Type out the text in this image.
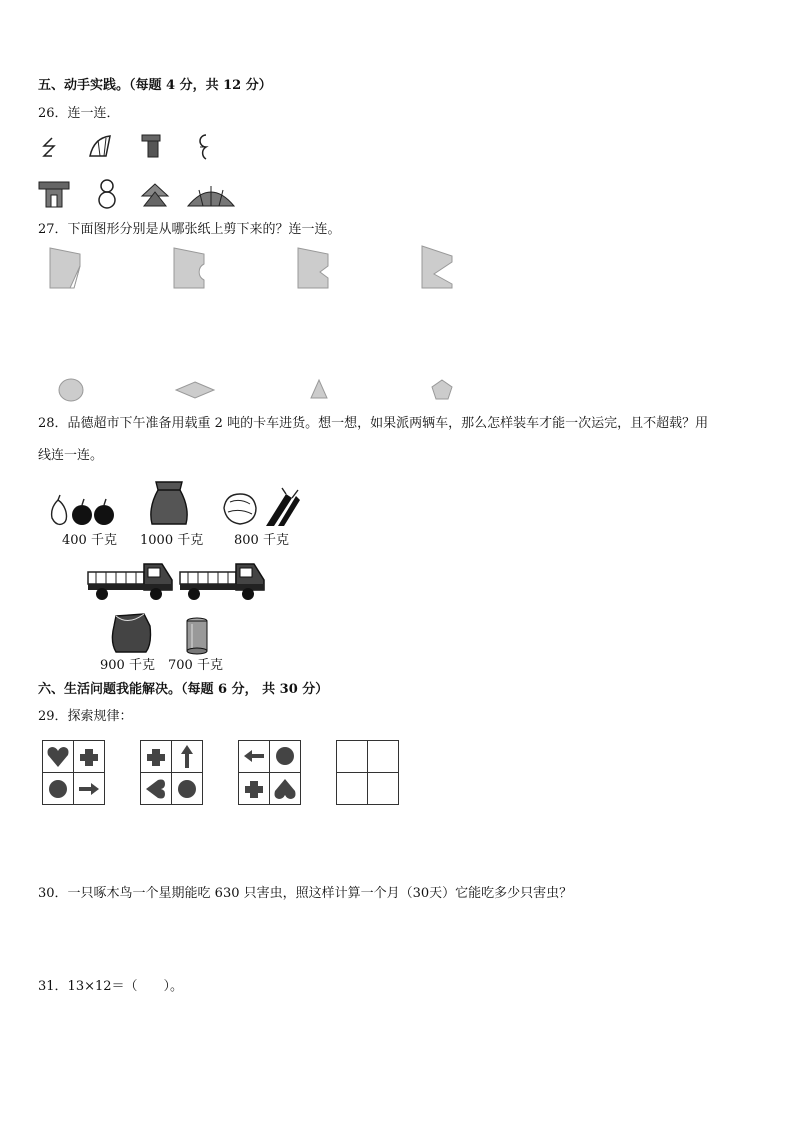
五、动手实践。（每题 4 分，共 12 分）
26．连一连．
27．下面图形分别是从哪张纸上剪下来的？连一连。
28．品德超市下午准备用载重 2 吨的卡车进货。想一想，如果派两辆车，那么怎样装车才能一次运完，且不超载？用
线连一连。
400 千克 1000 千克 800 千克
900 千克 700 千克
六、生活问题我能解决。（每题 6 分， 共 30 分）
29．探索规律：
30．一只啄木鸟一个星期能吃 630 只害虫，照这样计算一个月（30天）它能吃多少只害虫？
31．13×12＝（　　）。
